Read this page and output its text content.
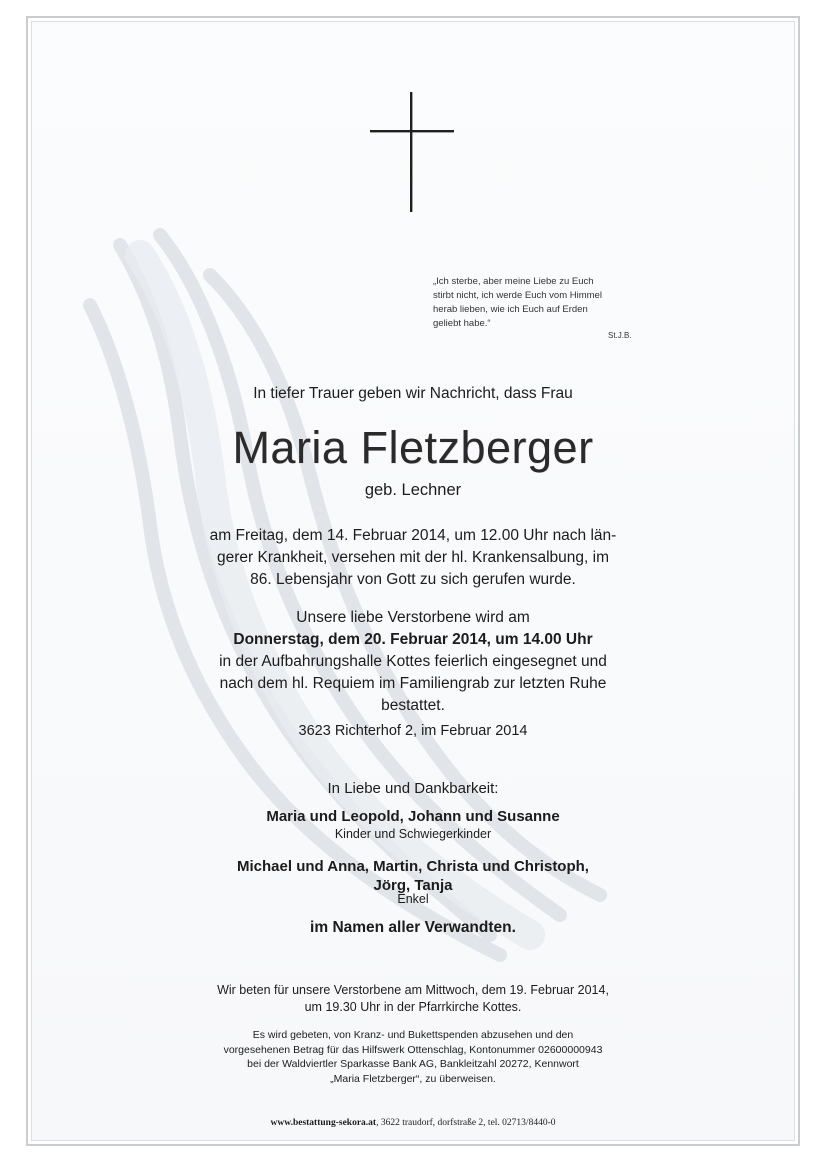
„Ich sterbe, aber meine Liebe zu Euch
stirbt nicht, ich werde Euch vom Himmel
herab lieben, wie ich Euch auf Erden
geliebt habe.“
St.J.B.
In tiefer Trauer geben wir Nachricht, dass Frau
Maria Fletzberger
geb. Lechner
am Freitag, dem 14. Februar 2014, um 12.00 Uhr nach län-
gerer Krankheit, versehen mit der hl. Krankensalbung, im
86. Lebensjahr von Gott zu sich gerufen wurde.
Unsere liebe Verstorbene wird am
Donnerstag, dem 20. Februar 2014, um 14.00 Uhr
in der Aufbahrungshalle Kottes feierlich eingesegnet und
nach dem hl. Requiem im Familiengrab zur letzten Ruhe
bestattet.
3623 Richterhof 2, im Februar 2014
In Liebe und Dankbarkeit:
Maria und Leopold, Johann und Susanne
Kinder und Schwiegerkinder
Michael und Anna, Martin, Christa und Christoph,
Jörg, Tanja
Enkel
im Namen aller Verwandten.
Wir beten für unsere Verstorbene am Mittwoch, dem 19. Februar 2014,
um 19.30 Uhr in der Pfarrkirche Kottes.
Es wird gebeten, von Kranz- und Bukettspenden abzusehen und den
vorgesehenen Betrag für das Hilfswerk Ottenschlag, Kontonummer 02600000943
bei der Waldviertler Sparkasse Bank AG, Bankleitzahl 20272, Kennwort
„Maria Fletzberger“, zu überweisen.
www.bestattung-sekora.at, 3622 traudorf, dorfstraße 2, tel. 02713/8440-0
